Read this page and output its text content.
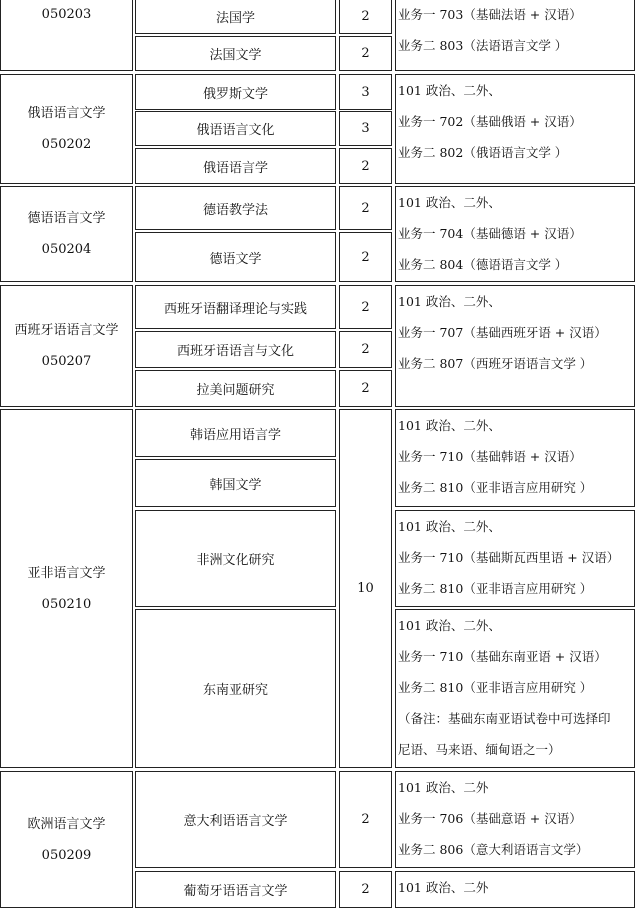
050203	法国学
法国文学
2
2
业务一 703（基础法语 + 汉语）
业务二 803（法语语言文学 ）
俄语语言文学
050202
俄罗斯文学
俄语语言文化
俄语语言学
3
3
2
101 政治、二外、
业务一 702（基础俄语 + 汉语）
业务二 802（俄语语言文学 ）
德语语言文学
050204
德语教学法
德语文学
2
2
101 政治、二外、
业务一 704（基础德语 + 汉语）
业务二 804（德语语言文学 ）
西班牙语语言文学
050207
西班牙语翻译理论与实践
西班牙语语言与文化
拉美问题研究
2
2
2
101 政治、二外、
业务一 707（基础西班牙语 + 汉语）
业务二 807（西班牙语语言文学 ）
亚非语言文学
050210
韩语应用语言学
韩国文学
非洲文化研究
东南亚研究
10
101 政治、二外、
业务一 710（基础韩语 + 汉语）
业务二 810（亚非语言应用研究 ）
101 政治、二外、
业务一 710（基础斯瓦西里语 + 汉语）
业务二 810（亚非语言应用研究 ）
101 政治、二外、
业务一 710（基础东南亚语 + 汉语）
业务二 810（亚非语言应用研究 ）
（备注：基础东南亚语试卷中可选择印
尼语、马来语、缅甸语之一）
欧洲语言文学
050209
意大利语语言文学
葡萄牙语语言文学
2
2
101 政治、二外
业务一 706（基础意语 + 汉语）
业务二 806（意大利语语言文学）
101 政治、二外
